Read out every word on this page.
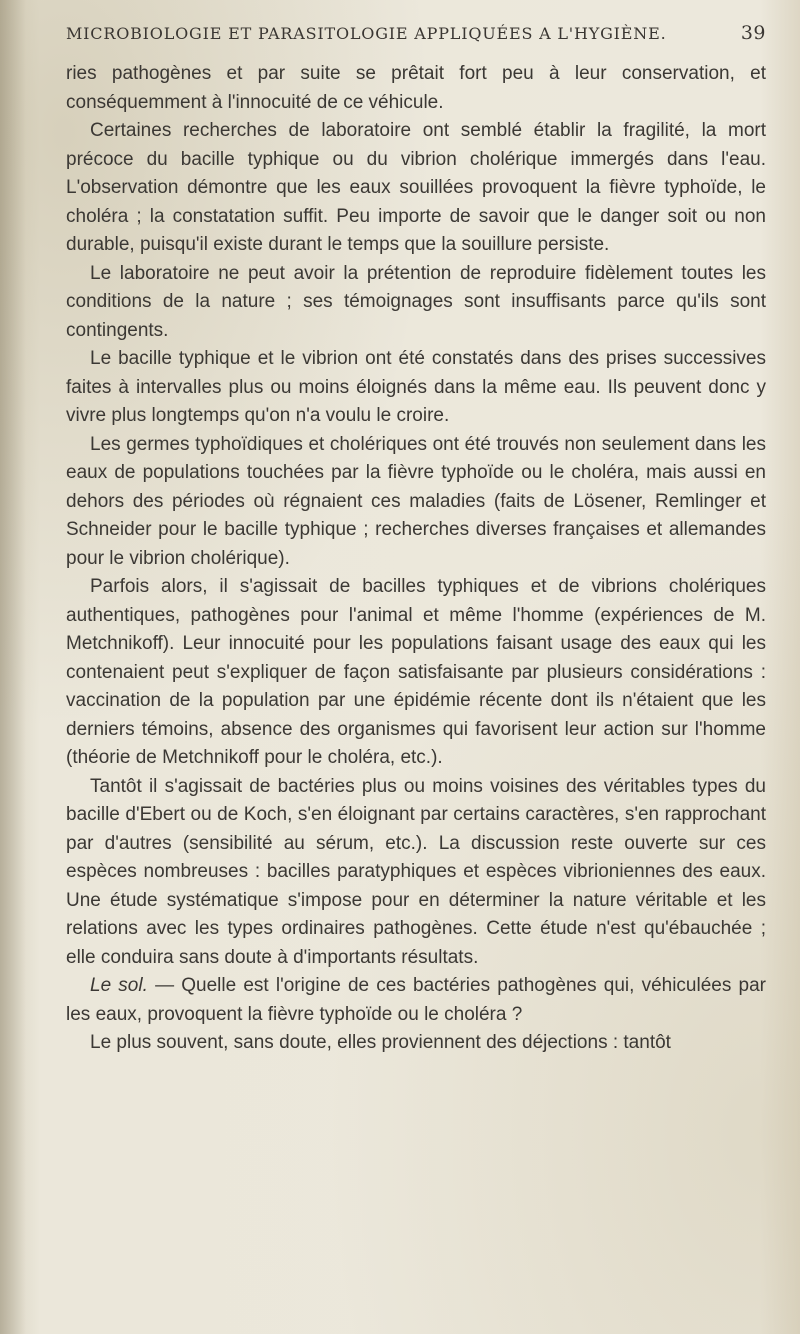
MICROBIOLOGIE ET PARASITOLOGIE APPLIQUÉES A L'HYGIÈNE.	39

ries pathogènes et par suite se prêtait fort peu à leur conservation, et conséquemment à l'innocuité de ce véhicule.

Certaines recherches de laboratoire ont semblé établir la fragilité, la mort précoce du bacille typhique ou du vibrion cholérique immergés dans l'eau. L'observation démontre que les eaux souillées provoquent la fièvre typhoïde, le choléra ; la constatation suffit. Peu importe de savoir que le danger soit ou non durable, puisqu'il existe durant le temps que la souillure persiste.

Le laboratoire ne peut avoir la prétention de reproduire fidèlement toutes les conditions de la nature ; ses témoignages sont insuffisants parce qu'ils sont contingents.

Le bacille typhique et le vibrion ont été constatés dans des prises successives faites à intervalles plus ou moins éloignés dans la même eau. Ils peuvent donc y vivre plus longtemps qu'on n'a voulu le croire.

Les germes typhoïdiques et cholériques ont été trouvés non seulement dans les eaux de populations touchées par la fièvre typhoïde ou le choléra, mais aussi en dehors des périodes où régnaient ces maladies (faits de Lösener, Remlinger et Schneider pour le bacille typhique ; recherches diverses françaises et allemandes pour le vibrion cholérique).

Parfois alors, il s'agissait de bacilles typhiques et de vibrions cholériques authentiques, pathogènes pour l'animal et même l'homme (expériences de M. Metchnikoff). Leur innocuité pour les populations faisant usage des eaux qui les contenaient peut s'expliquer de façon satisfaisante par plusieurs considérations : vaccination de la population par une épidémie récente dont ils n'étaient que les derniers témoins, absence des organismes qui favorisent leur action sur l'homme (théorie de Metchnikoff pour le choléra, etc.).

Tantôt il s'agissait de bactéries plus ou moins voisines des véritables types du bacille d'Ebert ou de Koch, s'en éloignant par certains caractères, s'en rapprochant par d'autres (sensibilité au sérum, etc.). La discussion reste ouverte sur ces espèces nombreuses : bacilles paratyphiques et espèces vibrioniennes des eaux. Une étude systématique s'impose pour en déterminer la nature véritable et les relations avec les types ordinaires pathogènes. Cette étude n'est qu'ébauchée ; elle conduira sans doute à d'importants résultats.

Le sol. — Quelle est l'origine de ces bactéries pathogènes qui, véhiculées par les eaux, provoquent la fièvre typhoïde ou le choléra ?

Le plus souvent, sans doute, elles proviennent des déjections : tantôt
